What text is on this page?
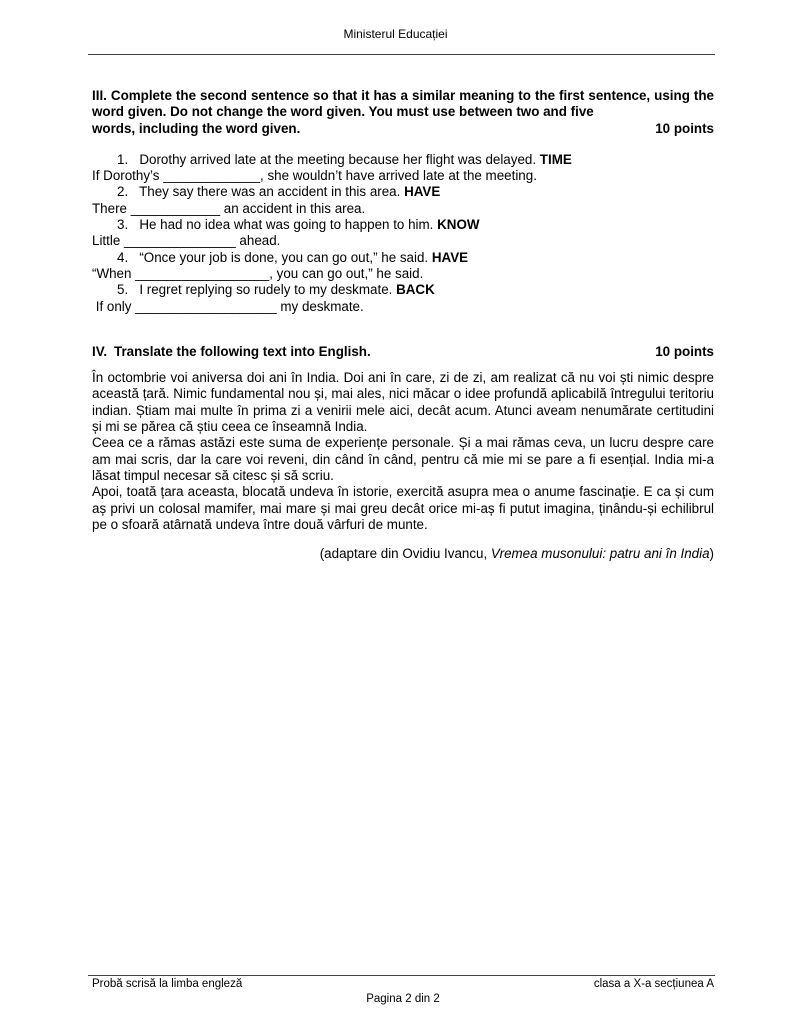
Ministerul Educației
III. Complete the second sentence so that it has a similar meaning to the first sentence, using the word given. Do not change the word given. You must use between two and five
words, including the word given.	10 points
1.   Dorothy arrived late at the meeting because her flight was delayed. TIME
If Dorothy’s _____________, she wouldn’t have arrived late at the meeting.
2.   They say there was an accident in this area. HAVE
There ____________ an accident in this area.
3.   He had no idea what was going to happen to him. KNOW
Little _______________ ahead.
4.   “Once your job is done, you can go out,” he said. HAVE
“When __________________, you can go out,” he said.
5.   I regret replying so rudely to my deskmate. BACK
If only ___________________ my deskmate.
IV. Translate the following text into English.	10 points

În octombrie voi aniversa doi ani în India. Doi ani în care, zi de zi, am realizat că nu voi ști nimic despre această țară. Nimic fundamental nou și, mai ales, nici măcar o idee profundă aplicabilă întregului teritoriu indian. Știam mai multe în prima zi a venirii mele aici, decât acum. Atunci aveam nenumărate certitudini și mi se părea că știu ceea ce înseamnă India.

Ceea ce a rămas astăzi este suma de experiențe personale. Și a mai rămas ceva, un lucru despre care am mai scris, dar la care voi reveni, din când în când, pentru că mie mi se pare a fi esențial. India mi-a lăsat timpul necesar să citesc și să scriu.

Apoi, toată țara aceasta, blocată undeva în istorie, exercită asupra mea o anume fascinație. E ca și cum aș privi un colosal mamifer, mai mare și mai greu decât orice mi-aș fi putut imagina, ținându-și echilibrul pe o sfoară atârnată undeva între două vârfuri de munte.

(adaptare din Ovidiu Ivancu, Vremea musonului: patru ani în India)
Probă scrisă la limba engleză	clasa a X-a secțiunea A
Pagina 2 din 2
